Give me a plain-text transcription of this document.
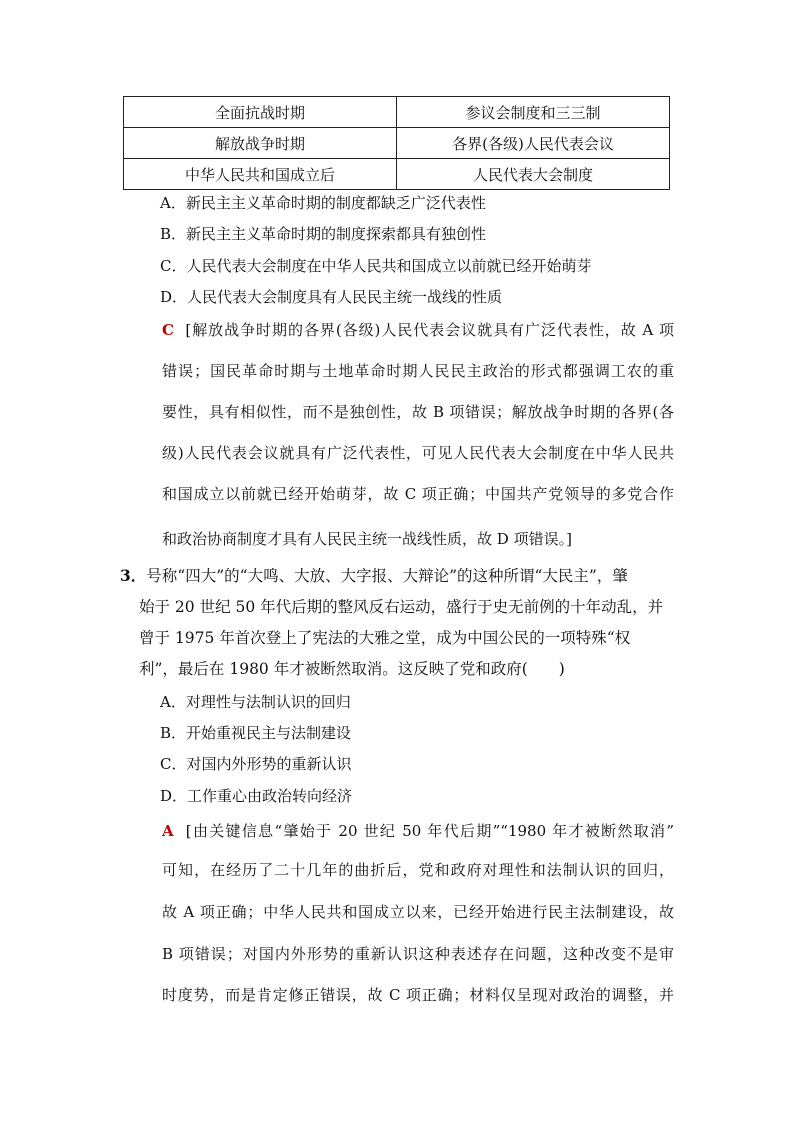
全面抗战时期	参议会制度和三三制
解放战争时期	各界(各级)人民代表会议
中华人民共和国成立后	人民代表大会制度
A．新民主主义革命时期的制度都缺乏广泛代表性
B．新民主主义革命时期的制度探索都具有独创性
C．人民代表大会制度在中华人民共和国成立以前就已经开始萌芽
D．人民代表大会制度具有人民民主统一战线的性质
C [解放战争时期的各界(各级)人民代表会议就具有广泛代表性，故 A 项
错误；国民革命时期与土地革命时期人民民主政治的形式都强调工农的重
要性，具有相似性，而不是独创性，故 B 项错误；解放战争时期的各界(各
级)人民代表会议就具有广泛代表性，可见人民代表大会制度在中华人民共
和国成立以前就已经开始萌芽，故 C 项正确；中国共产党领导的多党合作
和政治协商制度才具有人民民主统一战线性质，故 D 项错误。]
3．号称“四大”的“大鸣、大放、大字报、大辩论”的这种所谓“大民主”，肇
始于 20 世纪 50 年代后期的整风反右运动，盛行于史无前例的十年动乱，并
曾于 1975 年首次登上了宪法的大雅之堂，成为中国公民的一项特殊“权
利”，最后在 1980 年才被断然取消。这反映了党和政府(　　)
A．对理性与法制认识的回归
B．开始重视民主与法制建设
C．对国内外形势的重新认识
D．工作重心由政治转向经济
A [由关键信息“肇始于 20 世纪 50 年代后期”“1980 年才被断然取消”
可知，在经历了二十几年的曲折后，党和政府对理性和法制认识的回归，
故 A 项正确；中华人民共和国成立以来，已经开始进行民主法制建设，故
B 项错误；对国内外形势的重新认识这种表述存在问题，这种改变不是审
时度势，而是肯定修正错误，故 C 项正确；材料仅呈现对政治的调整，并
